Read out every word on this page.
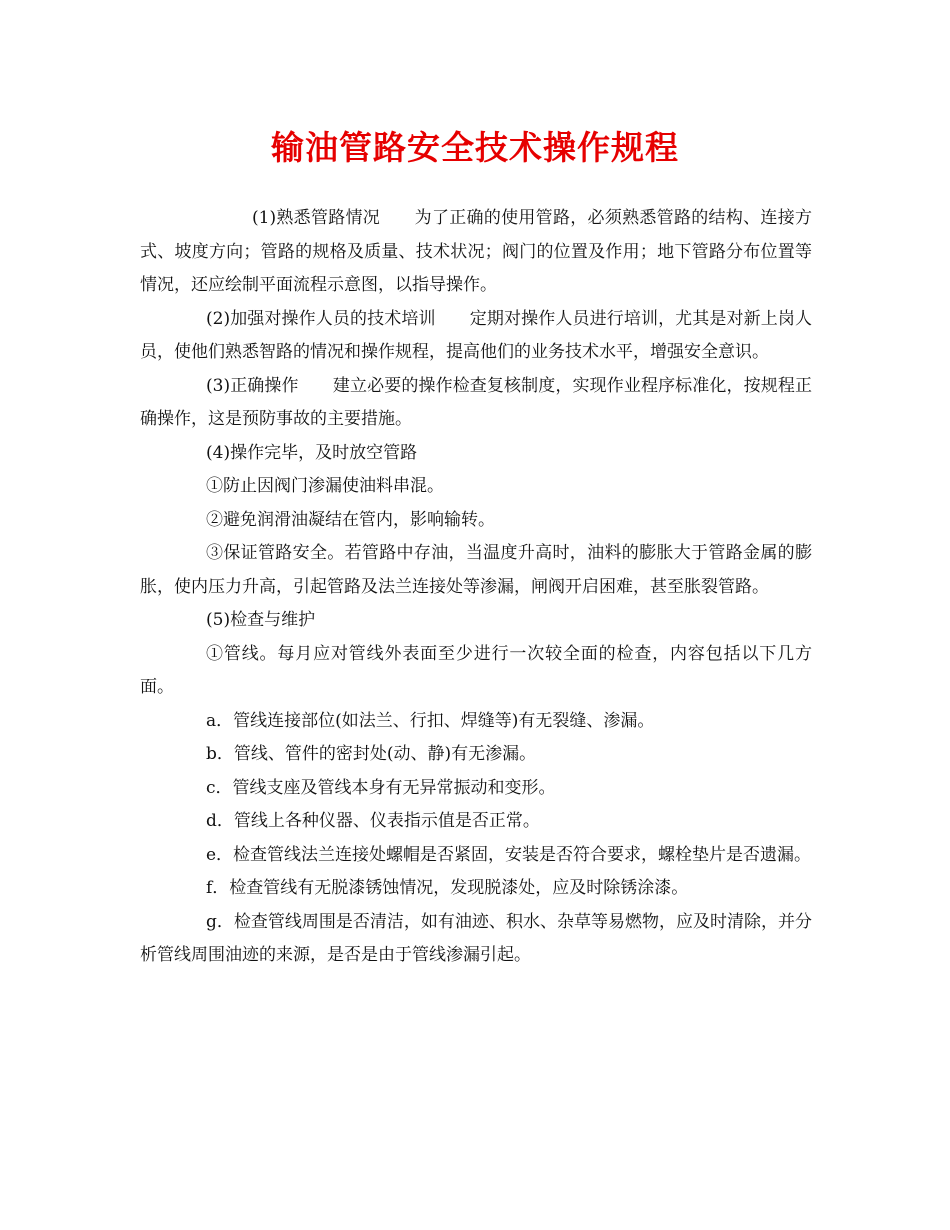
输油管路安全技术操作规程

(1)熟悉管路情况　　为了正确的使用管路，必须熟悉管路的结构、连接方式、坡度方向；管路的规格及质量、技术状况；阀门的位置及作用；地下管路分布位置等情况，还应绘制平面流程示意图，以指导操作。

(2)加强对操作人员的技术培训　　定期对操作人员进行培训，尤其是对新上岗人员，使他们熟悉智路的情况和操作规程，提高他们的业务技术水平，增强安全意识。

(3)正确操作　　建立必要的操作检查复核制度，实现作业程序标准化，按规程正确操作，这是预防事故的主要措施。

(4)操作完毕，及时放空管路

①防止因阀门渗漏使油料串混。

②避免润滑油凝结在管内，影响输转。

③保证管路安全。若管路中存油，当温度升高时，油料的膨胀大于管路金属的膨胀，使内压力升高，引起管路及法兰连接处等渗漏，闸阀开启困难，甚至胀裂管路。

(5)检查与维护

①管线。每月应对管线外表面至少进行一次较全面的检查，内容包括以下几方面。

a．管线连接部位(如法兰、行扣、焊缝等)有无裂缝、渗漏。

b．管线、管件的密封处(动、静)有无渗漏。

c．管线支座及管线本身有无异常振动和变形。

d．管线上各种仪器、仪表指示值是否正常。

e．检查管线法兰连接处螺帽是否紧固，安装是否符合要求，螺栓垫片是否遗漏。

f．检查管线有无脱漆锈蚀情况，发现脱漆处，应及时除锈涂漆。

g．检查管线周围是否清洁，如有油迹、积水、杂草等易燃物，应及时清除，并分析管线周围油迹的来源，是否是由于管线渗漏引起。
